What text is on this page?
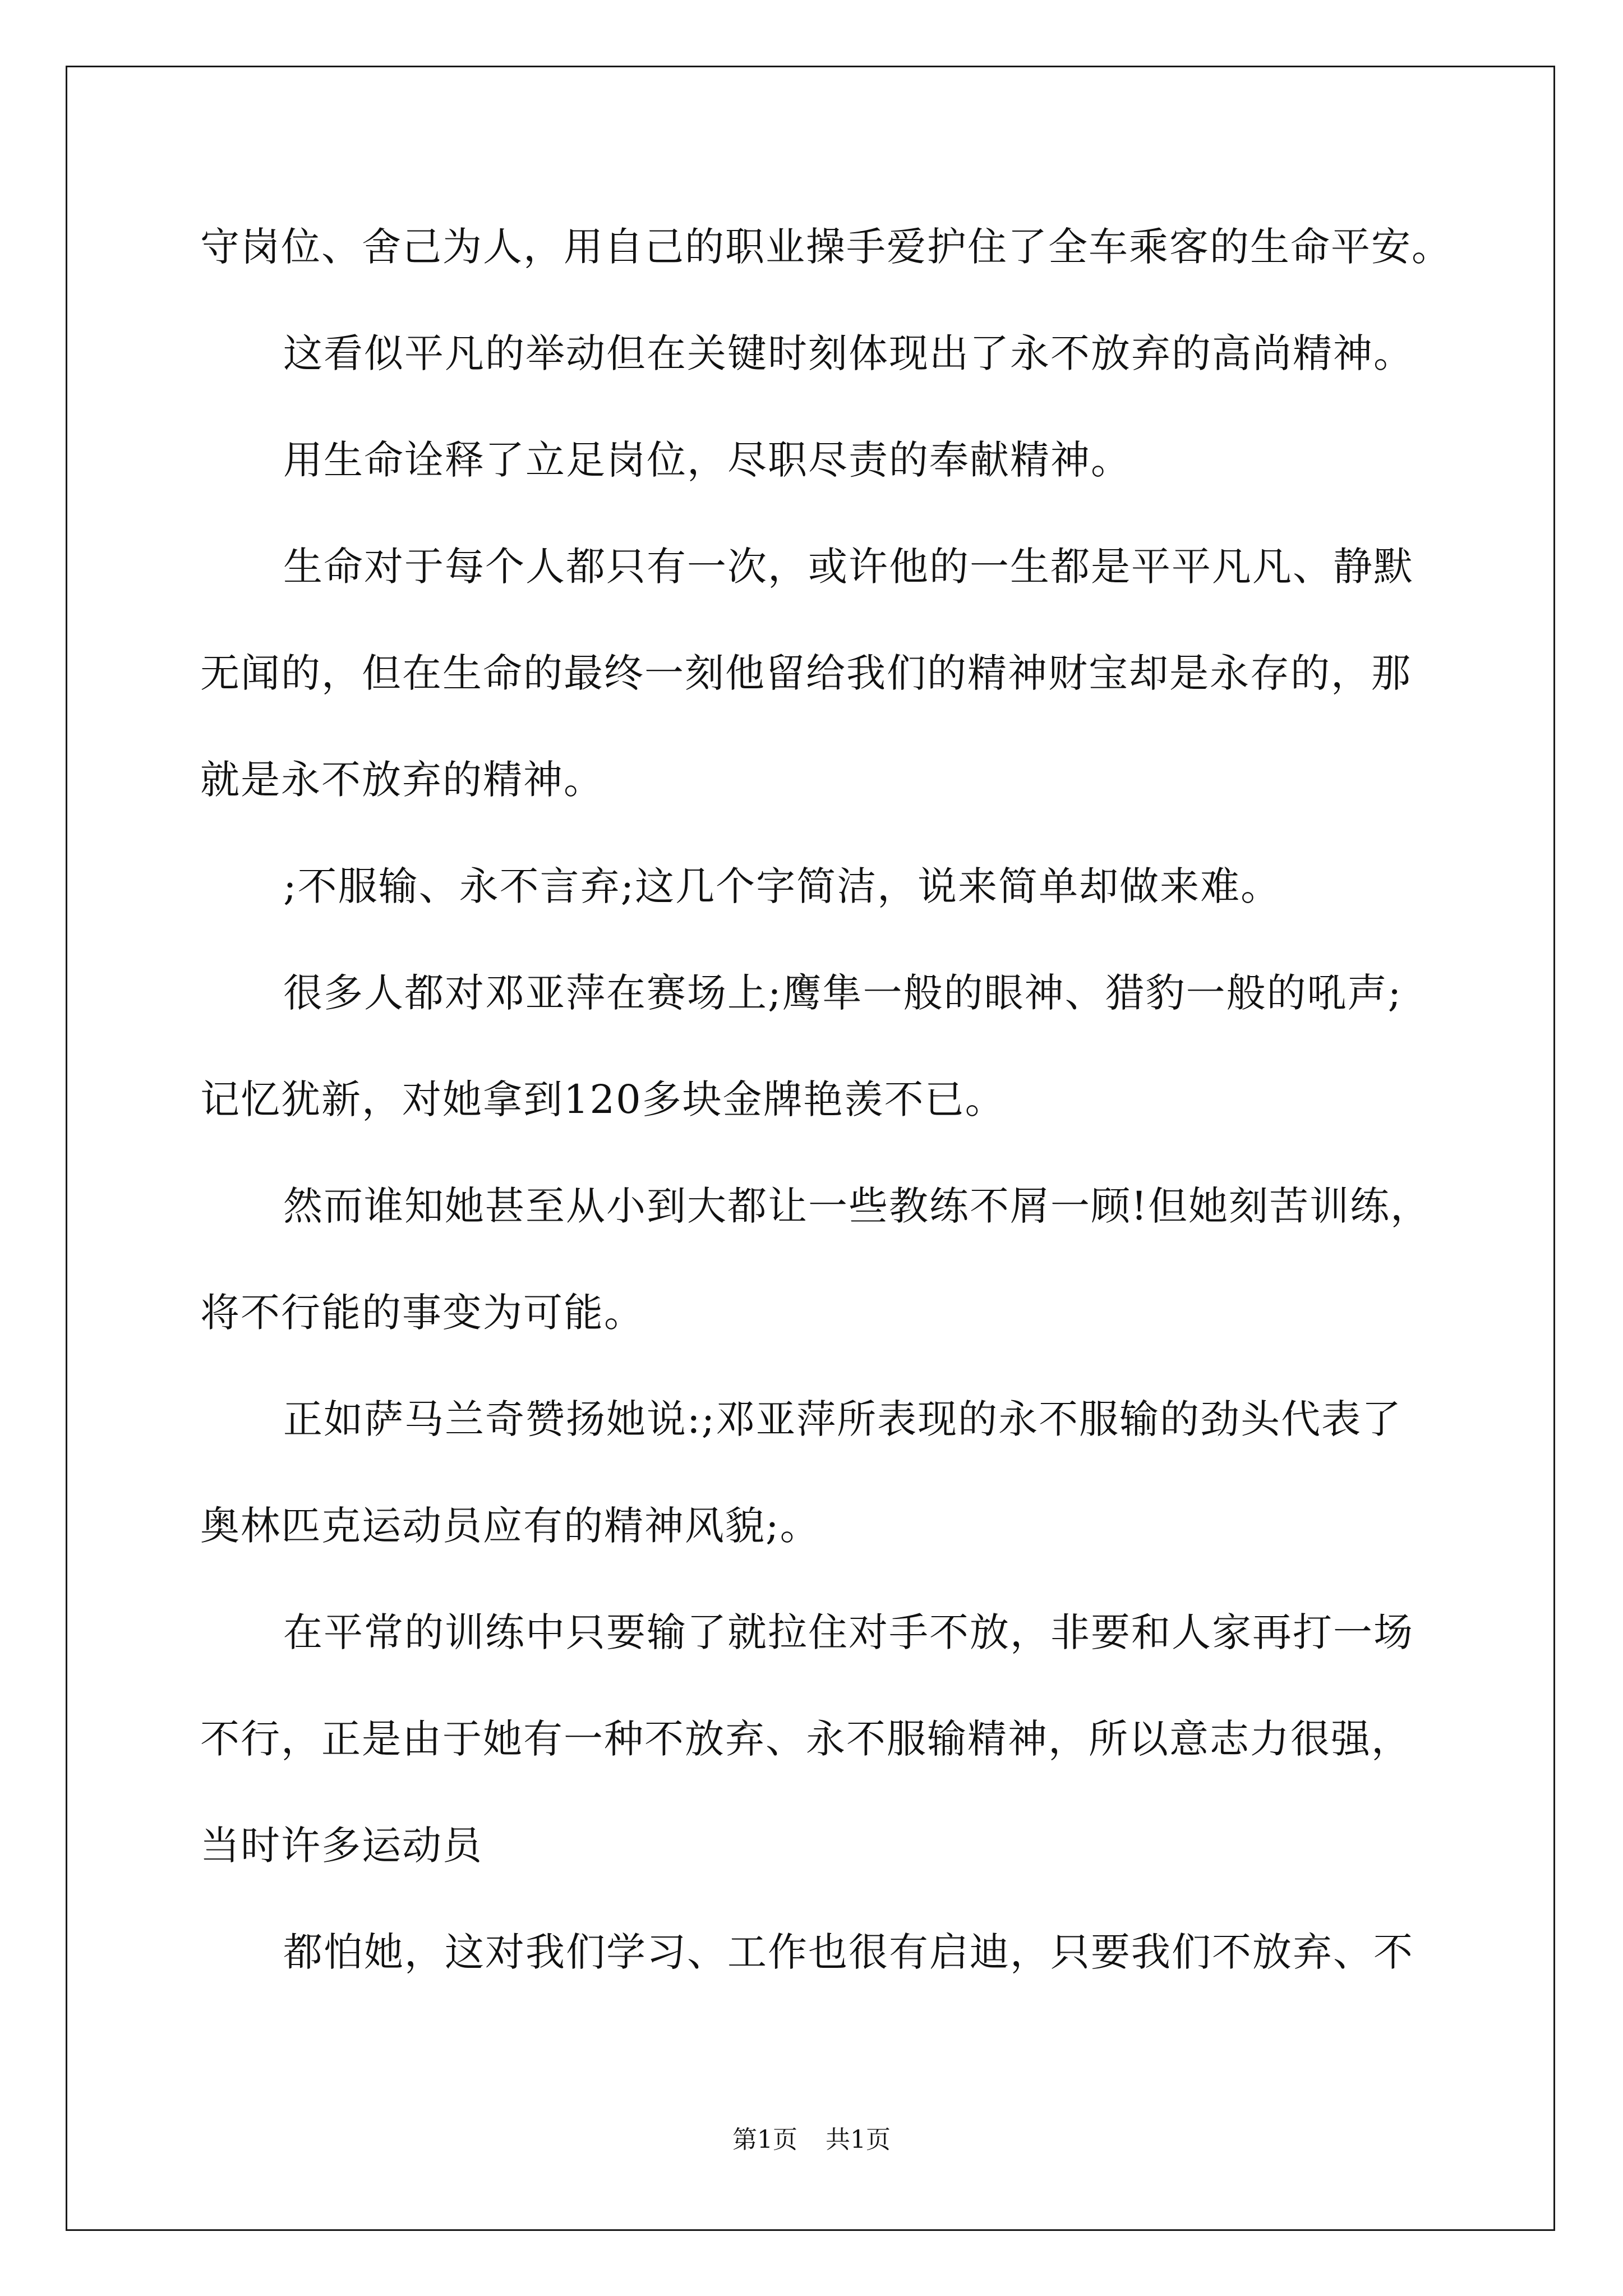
守岗位、舍己为人，用自己的职业操手爱护住了全车乘客的生命平安。
这看似平凡的举动但在关键时刻体现出了永不放弃的高尚精神。
用生命诠释了立足岗位，尽职尽责的奉献精神。
生命对于每个人都只有一次，或许他的一生都是平平凡凡、静默
无闻的，但在生命的最终一刻他留给我们的精神财宝却是永存的，那
就是永不放弃的精神。
;不服输、永不言弃;这几个字简洁，说来简单却做来难。
很多人都对邓亚萍在赛场上;鹰隼一般的眼神、猎豹一般的吼声;
记忆犹新，对她拿到120多块金牌艳羡不已。
然而谁知她甚至从小到大都让一些教练不屑一顾!但她刻苦训练，
将不行能的事变为可能。
正如萨马兰奇赞扬她说:;邓亚萍所表现的永不服输的劲头代表了
奥林匹克运动员应有的精神风貌;。
在平常的训练中只要输了就拉住对手不放，非要和人家再打一场
不行，正是由于她有一种不放弃、永不服输精神，所以意志力很强，
当时许多运动员
都怕她，这对我们学习、工作也很有启迪，只要我们不放弃、不
第1页 共1页
